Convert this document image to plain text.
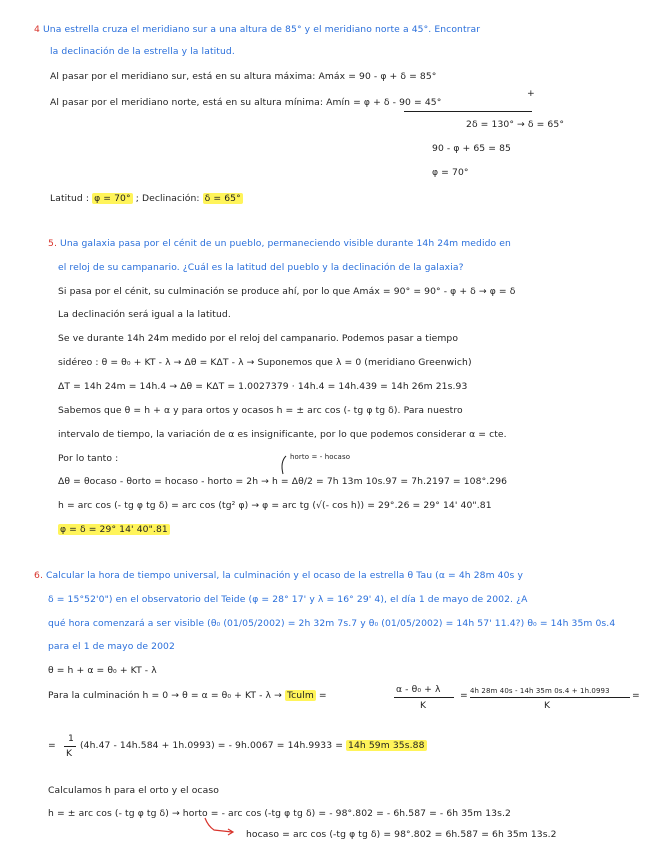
4 Una estrella cruza el meridiano sur a una altura de 85° y el meridiano norte a 45°. Encontrar
la declinación de la estrella y la latitud.
Al pasar por el meridiano sur, está en su altura máxima: Amáx = 90 - φ + δ = 85°
Al pasar por el meridiano norte, está en su altura mínima: Amín = φ + δ - 90 = 45°
+
2δ = 130° → δ = 65°
90 - φ + 65 = 85
φ = 70°
Latitud : φ = 70° ; Declinación: δ = 65°
5. Una galaxia pasa por el cénit de un pueblo, permaneciendo visible durante 14h 24m medido en
el reloj de su campanario. ¿Cuál es la latitud del pueblo y la declinación de la galaxia?
Si pasa por el cénit, su culminación se produce ahí, por lo que Amáx = 90° = 90° - φ + δ → φ = δ
La declinación será igual a la latitud.
Se ve durante 14h 24m medido por el reloj del campanario. Podemos pasar a tiempo
sidéreo : θ = θ₀ + KT - λ → Δθ = KΔT - λ → Suponemos que λ = 0 (meridiano Greenwich)
ΔT = 14h 24m = 14h.4 → Δθ = KΔT = 1.0027379 · 14h.4 = 14h.439 = 14h 26m 21s.93
Sabemos que θ = h + α y para ortos y ocasos h = ± arc cos (- tg φ tg δ). Para nuestro
intervalo de tiempo, la variación de α es insignificante, por lo que podemos considerar α = cte.
Por lo tanto :	horto = - hocaso
Δθ = θocaso - θorto = hocaso - horto = 2h → h = Δθ/2 = 7h 13m 10s.97 = 7h.2197 = 108°.296
h = arc cos (- tg φ tg δ) = arc cos (tg² φ) → φ = arc tg (√(- cos h)) = 29°.26 = 29° 14' 40".81
φ = δ = 29° 14' 40".81
6. Calcular la hora de tiempo universal, la culminación y el ocaso de la estrella θ Tau (α = 4h 28m 40s y
δ = 15°52'0") en el observatorio del Teide (φ = 28° 17' y λ = 16° 29' 4), el día 1 de mayo de 2002. ¿A
qué hora comenzará a ser visible (θ₀ (01/05/2002) = 2h 32m 7s.7 y θ₀ (01/05/2002) = 14h 57' 11.4?) θ₀ = 14h 35m 0s.4
para el 1 de mayo de 2002
θ = h + α = θ₀ + KT - λ
Para la culminación h = 0 → θ = α = θ₀ + KT - λ → Tculm =
α - θ₀ + λ
K
= 4h 28m 40s - 14h 35m 0s.4 + 1h.0993
K
=
=
1
K
(4h.47 - 14h.584 + 1h.0993) = - 9h.0067 = 14h.9933 = 14h 59m 35s.88
Calculamos h para el orto y el ocaso
h = ± arc cos (- tg φ tg δ) → horto = - arc cos (-tg φ tg δ) = - 98°.802 = - 6h.587 = - 6h 35m 13s.2
hocaso = arc cos (-tg φ tg δ) = 98°.802 = 6h.587 = 6h 35m 13s.2
